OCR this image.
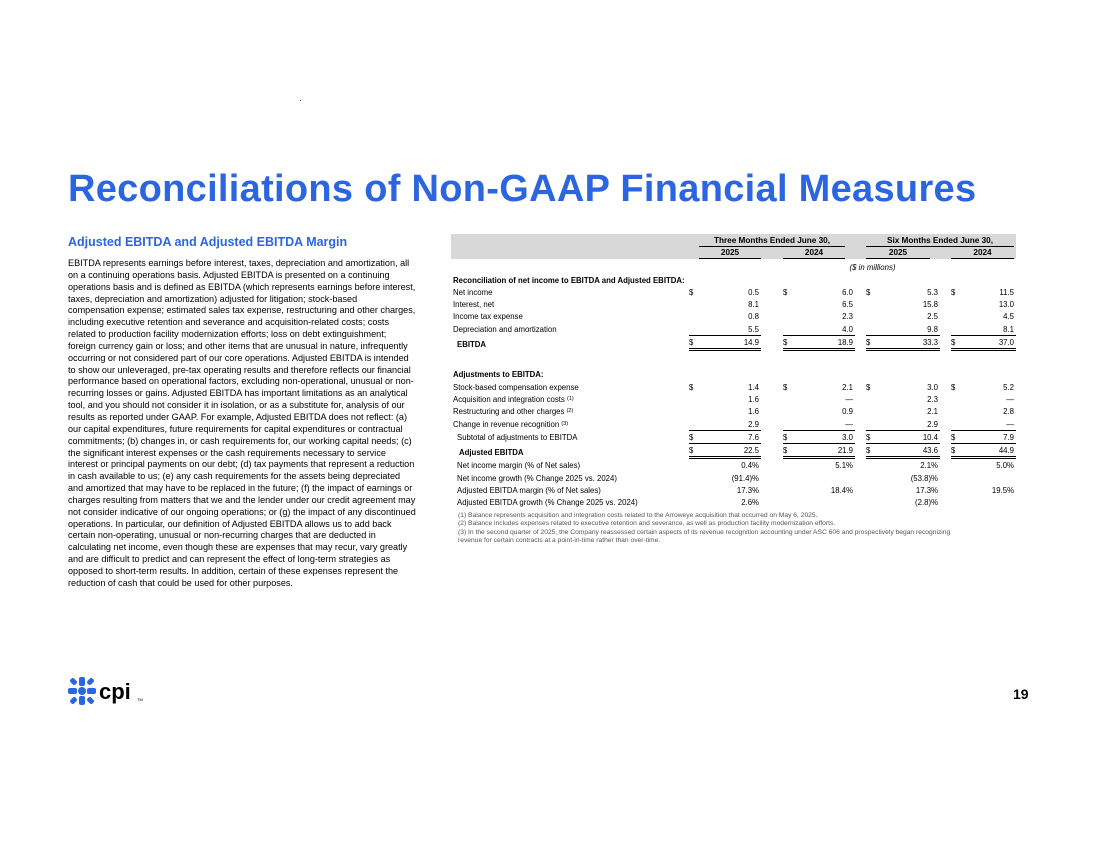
Reconciliations of Non-GAAP Financial Measures
Adjusted EBITDA and Adjusted EBITDA Margin
EBITDA represents earnings before interest, taxes, depreciation and amortization, all on a continuing operations basis. Adjusted EBITDA is presented on a continuing operations basis and is defined as EBITDA (which represents earnings before interest, taxes, depreciation and amortization) adjusted for litigation; stock-based compensation expense; estimated sales tax expense, restructuring and other charges, including executive retention and severance and acquisition-related costs; costs related to production facility modernization efforts; loss on debt extinguishment; foreign currency gain or loss; and other items that are unusual in nature, infrequently occurring or not considered part of our core operations. Adjusted EBITDA is intended to show our unleveraged, pre-tax operating results and therefore reflects our financial performance based on operational factors, excluding non-operational, unusual or non-recurring losses or gains. Adjusted EBITDA has important limitations as an analytical tool, and you should not consider it in isolation, or as a substitute for, analysis of our results as reported under GAAP. For example, Adjusted EBITDA does not reflect: (a) our capital expenditures, future requirements for capital expenditures or contractual commitments; (b) changes in, or cash requirements for, our working capital needs; (c) the significant interest expenses or the cash requirements necessary to service interest or principal payments on our debt; (d) tax payments that represent a reduction in cash available to us; (e) any cash requirements for the assets being depreciated and amortized that may have to be replaced in the future; (f) the impact of earnings or charges resulting from matters that we and the lender under our credit agreement may not consider indicative of our ongoing operations; or (g) the impact of any discontinued operations. In particular, our definition of Adjusted EBITDA allows us to add back certain non-operating, unusual or non-recurring charges that are deducted in calculating net income, even though these are expenses that may recur, vary greatly and are difficult to predict and can represent the effect of long-term strategies as opposed to short-term results. In addition, certain of these expenses represent the reduction of cash that could be used for other purposes.
Three Months Ended June 30,	Six Months Ended June 30,
2025	2024	2025	2024
Reconciliation of net income to EBITDA and Adjusted EBITDA:	($ in millions)										

Net income	$	0.5		$	6.0		$	5.3		$	11.5
Interest, net		8.1			6.5			15.8			13.0
Income tax expense		0.8			2.3			2.5			4.5
Depreciation and amortization		5.5			4.0			9.8			8.1
EBITDA	$	14.9		$	18.9		$	33.3		$	37.0

Adjustments to EBITDA:											
Stock-based compensation expense	$	1.4		$	2.1		$	3.0		$	5.2
Acquisition and integration costs $^{(1)}$		1.6			—			2.3			—
Restructuring and other charges $^{(2)}$		1.6			0.9			2.1			2.8
Change in revenue recognition $^{(3)}$		2.9			—			2.9			—
Subtotal of adjustments to EBITDA	$	7.6		$	3.0		$	10.4		$	7.9
Adjusted EBITDA	$	22.5		$	21.9		$	43.6		$	44.9
Net income margin (% of Net sales)		0.4%			5.1%			2.1%			5.0%
Net income growth (% Change 2025 vs. 2024)		(91.4)%						(53.8)%			
Adjusted EBITDA margin (% of Net sales)		17.3%			18.4%			17.3%			19.5%
Adjusted EBITDA growth (% Change 2025 vs. 2024)		2.6%						(2.8)%			
(1) Balance represents acquisition and integration costs related to the Arroweye acquisition that occurred on May 6, 2025.
(2) Balance includes expenses related to executive retention and severance, as well as production facility modernization efforts.
(3) In the second quarter of 2025, the Company reassessed certain aspects of its revenue recognition accounting under ASC 606 and prospectively began recognizing revenue for certain contracts at a point-in-time rather than over-time.
cpi TM	19
